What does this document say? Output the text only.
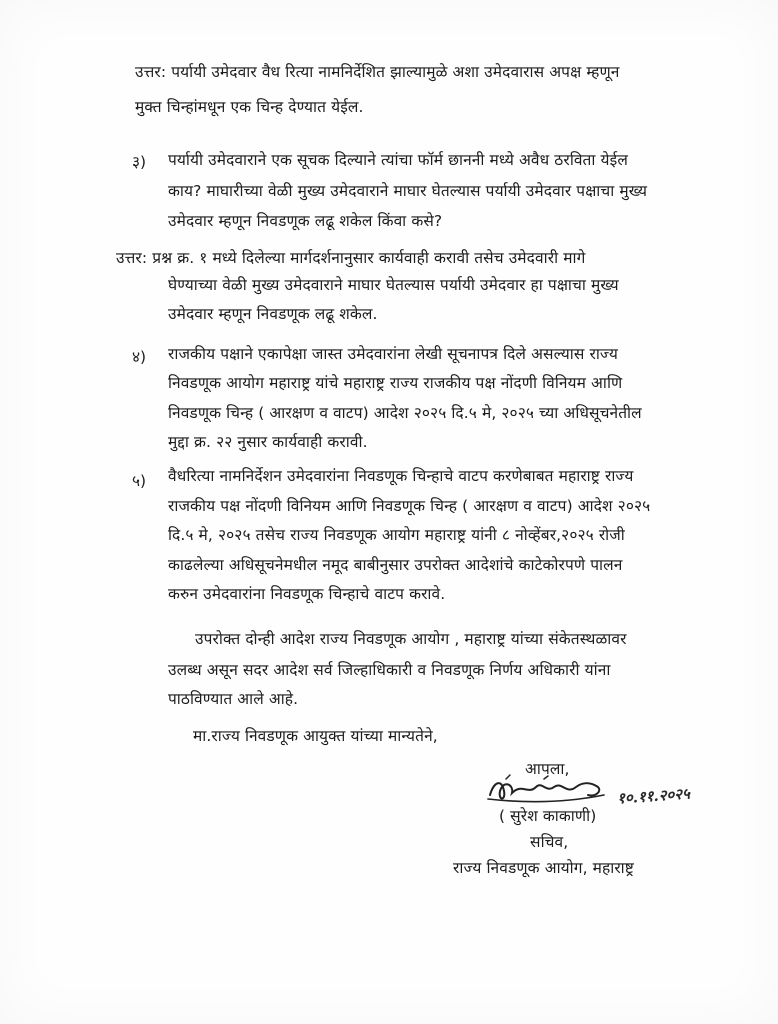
उत्तर: पर्यायी उमेदवार वैध रित्या नामनिर्देशित झाल्यामुळे अशा उमेदवारास अपक्ष म्हणून
मुक्त चिन्हांमधून एक चिन्ह देण्यात येईल.
३) पर्यायी उमेदवाराने एक सूचक दिल्याने त्यांचा फॉर्म छाननी मध्ये अवैध ठरविता येईल
काय? माघारीच्या वेळी मुख्य उमेदवाराने माघार घेतल्यास पर्यायी उमेदवार पक्षाचा मुख्य
उमेदवार म्हणून निवडणूक लढू शकेल किंवा कसे?
उत्तर: प्रश्न क्र. १ मध्ये दिलेल्या मार्गदर्शनानुसार कार्यवाही करावी तसेच उमेदवारी मागे
घेण्याच्या वेळी मुख्य उमेदवाराने माघार घेतल्यास पर्यायी उमेदवार हा पक्षाचा मुख्य
उमेदवार म्हणून निवडणूक लढू शकेल.
४) राजकीय पक्षाने एकापेक्षा जास्त उमेदवारांना लेखी सूचनापत्र दिले असल्यास राज्य
निवडणूक आयोग महाराष्ट्र यांचे महाराष्ट्र राज्य राजकीय पक्ष नोंदणी विनियम आणि
निवडणूक चिन्ह ( आरक्षण व वाटप) आदेश २०२५ दि.५ मे, २०२५ च्या अधिसूचनेतील
मुद्दा क्र. २२ नुसार कार्यवाही करावी.
५) वैधरित्या नामनिर्देशन उमेदवारांना निवडणूक चिन्हाचे वाटप करणेबाबत महाराष्ट्र राज्य
राजकीय पक्ष नोंदणी विनियम आणि निवडणूक चिन्ह ( आरक्षण व वाटप) आदेश २०२५
दि.५ मे, २०२५ तसेच राज्य निवडणूक आयोग महाराष्ट्र यांनी ८ नोव्हेंबर,२०२५ रोजी
काढलेल्या अधिसूचनेमधील नमूद बाबीनुसार उपरोक्त आदेशांचे काटेकोरपणे पालन
करुन उमेदवारांना निवडणूक चिन्हाचे वाटप करावे.
उपरोक्त दोन्ही आदेश राज्य निवडणूक आयोग , महाराष्ट्र यांच्या संकेतस्थळावर
उलब्ध असून सदर आदेश सर्व जिल्हाधिकारी व निवडणूक निर्णय अधिकारी यांना
पाठविण्यात आले आहे.
मा.राज्य निवडणूक आयुक्त यांच्या मान्यतेने,
आपला,
१०.११.२०२५
( सुरेश काकाणी)
सचिव,
राज्य निवडणूक आयोग, महाराष्ट्र
